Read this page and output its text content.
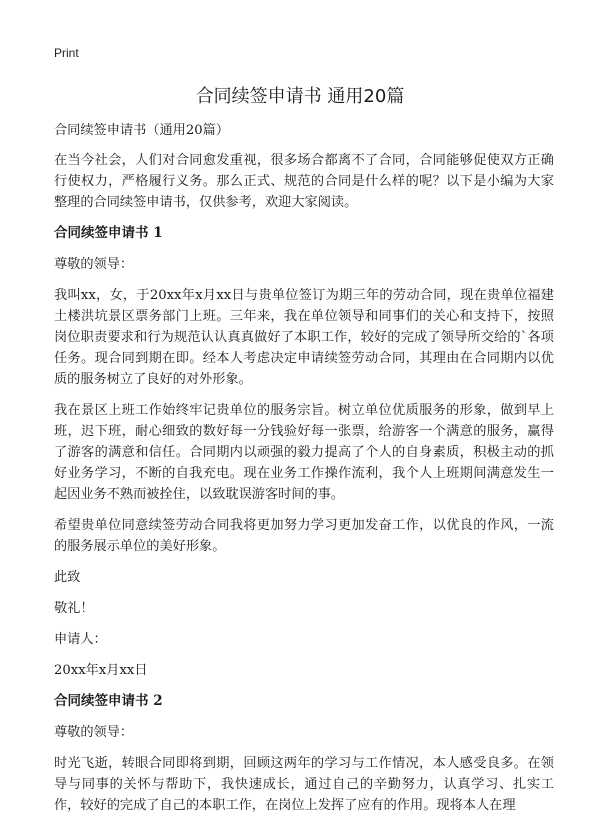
Print
合同续签申请书 通用20篇

合同续签申请书（通用20篇）

在当今社会，人们对合同愈发重视，很多场合都离不了合同，合同能够促使双方正确行使权力，严格履行义务。那么正式、规范的合同是什么样的呢？以下是小编为大家整理的合同续签申请书，仅供参考，欢迎大家阅读。

合同续签申请书 1

尊敬的领导：

我叫xx，女，于20xx年x月xx日与贵单位签订为期三年的劳动合同，现在贵单位福建土楼洪坑景区票务部门上班。三年来，我在单位领导和同事们的关心和支持下，按照岗位职责要求和行为规范认认真真做好了本职工作，较好的完成了领导所交给的`各项任务。现合同到期在即。经本人考虑决定申请续签劳动合同，其理由在合同期内以优质的服务树立了良好的对外形象。

我在景区上班工作始终牢记贵单位的服务宗旨。树立单位优质服务的形象，做到早上班，迟下班，耐心细致的数好每一分钱验好每一张票，给游客一个满意的服务，赢得了游客的满意和信任。合同期内以顽强的毅力提高了个人的自身素质，积极主动的抓好业务学习，不断的自我充电。现在业务工作操作流利，我个人上班期间满意发生一起因业务不熟而被拴住，以致耽误游客时间的事。

希望贵单位同意续签劳动合同我将更加努力学习更加发奋工作，以优良的作风，一流的服务展示单位的美好形象。

此致

敬礼！

申请人：

20xx年x月xx日

合同续签申请书 2

尊敬的领导：

时光飞逝，转眼合同即将到期，回顾这两年的学习与工作情况，本人感受良多。在领导与同事的关怀与帮助下，我快速成长，通过自己的辛勤努力，认真学习、扎实工作，较好的完成了自己的本职工作，在岗位上发挥了应有的作用。现将本人在理
